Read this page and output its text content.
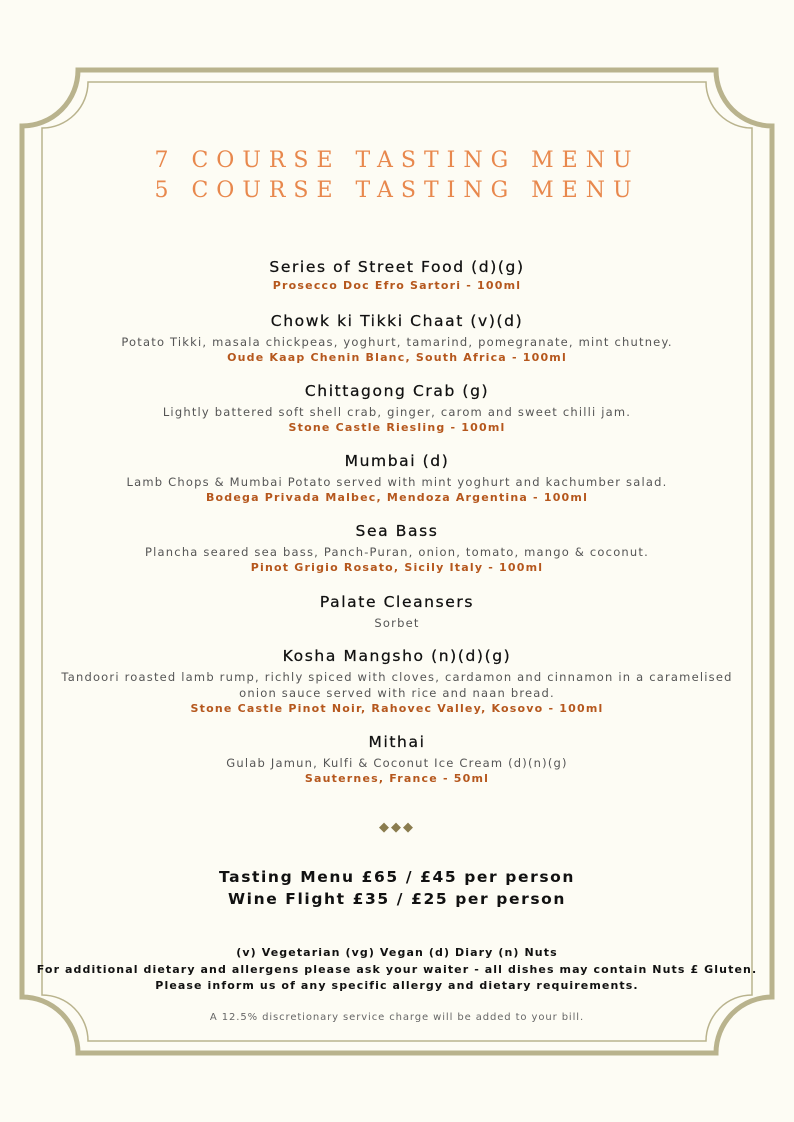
7 COURSE TASTING MENU
5 COURSE TASTING MENU
Series of Street Food (d)(g)
Prosecco Doc Efro Sartori - 100ml
Chowk ki Tikki Chaat (v)(d)
Potato Tikki, masala chickpeas, yoghurt, tamarind, pomegranate, mint chutney.
Oude Kaap Chenin Blanc, South Africa - 100ml
Chittagong Crab (g)
Lightly battered soft shell crab, ginger, carom and sweet chilli jam.
Stone Castle Riesling - 100ml
Mumbai (d)
Lamb Chops & Mumbai Potato served with mint yoghurt and kachumber salad.
Bodega Privada Malbec, Mendoza Argentina - 100ml
Sea Bass
Plancha seared sea bass, Panch-Puran, onion, tomato, mango & coconut.
Pinot Grigio Rosato, Sicily Italy - 100ml
Palate Cleansers
Sorbet
Kosha Mangsho (n)(d)(g)
Tandoori roasted lamb rump, richly spiced with cloves, cardamon and cinnamon in a caramelised onion sauce served with rice and naan bread.
Stone Castle Pinot Noir, Rahovec Valley, Kosovo - 100ml
Mithai
Gulab Jamun, Kulfi & Coconut Ice Cream (d)(n)(g)
Sauternes, France - 50ml
◆◆◆
Tasting Menu £65 / £45 per person
Wine Flight £35 / £25 per person
(v) Vegetarian (vg) Vegan (d) Diary (n) Nuts
For additional dietary and allergens please ask your waiter - all dishes may contain Nuts £ Gluten.
Please inform us of any specific allergy and dietary requirements.
A 12.5% discretionary service charge will be added to your bill.
